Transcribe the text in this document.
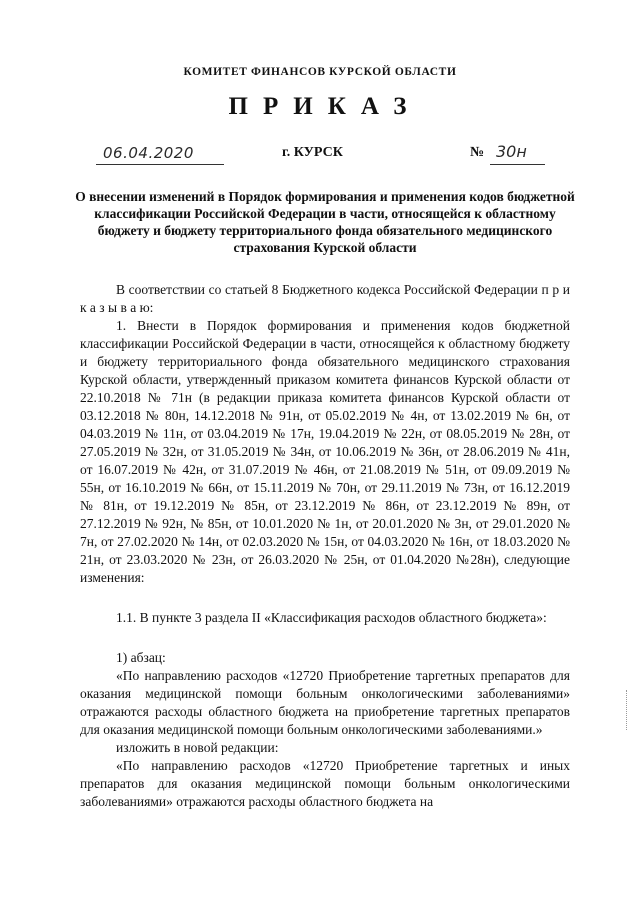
КОМИТЕТ ФИНАНСОВ КУРСКОЙ ОБЛАСТИ
ПРИКАЗ
06.04.2020	г. КУРСК	№ 30н
О внесении изменений в Порядок формирования и применения кодов бюджетной классификации Российской Федерации в части, относящейся к областному бюджету и бюджету территориального фонда обязательного медицинского страхования Курской области

В соответствии со статьей 8 Бюджетного кодекса Российской Федерации п р и к а з ы в а ю:

1. Внести в Порядок формирования и применения кодов бюджетной классификации Российской Федерации в части, относящейся к областному бюджету и бюджету территориального фонда обязательного медицинского страхования Курской области, утвержденный приказом комитета финансов Курской области от 22.10.2018 № 71н (в редакции приказа комитета финансов Курской области от 03.12.2018 № 80н, 14.12.2018 № 91н, от 05.02.2019 № 4н, от 13.02.2019 № 6н, от 04.03.2019 № 11н, от 03.04.2019 № 17н, 19.04.2019 № 22н, от 08.05.2019 № 28н, от 27.05.2019 № 32н, от 31.05.2019 № 34н, от 10.06.2019 № 36н, от 28.06.2019 № 41н, от 16.07.2019 № 42н, от 31.07.2019 № 46н, от 21.08.2019 № 51н, от 09.09.2019 № 55н, от 16.10.2019 № 66н, от 15.11.2019 № 70н, от 29.11.2019 № 73н, от 16.12.2019 № 81н, от 19.12.2019 № 85н, от 23.12.2019 № 86н, от 23.12.2019 № 89н, от 27.12.2019 № 92н, № 85н, от 10.01.2020 № 1н, от 20.01.2020 № 3н, от 29.01.2020 № 7н, от 27.02.2020 № 14н, от 02.03.2020 № 15н, от 04.03.2020 № 16н, от 18.03.2020 № 21н, от 23.03.2020 № 23н, от 26.03.2020 № 25н, от 01.04.2020 №28н), следующие изменения:

1.1. В пункте 3 раздела II «Классификация расходов областного бюджета»:

1) абзац:

«По направлению расходов «12720 Приобретение таргетных препаратов для оказания медицинской помощи больным онкологическими заболеваниями» отражаются расходы областного бюджета на приобретение таргетных препаратов для оказания медицинской помощи больным онкологическими заболеваниями.»

изложить в новой редакции:

«По направлению расходов «12720 Приобретение таргетных и иных препаратов для оказания медицинской помощи больным онкологическими заболеваниями» отражаются расходы областного бюджета на
